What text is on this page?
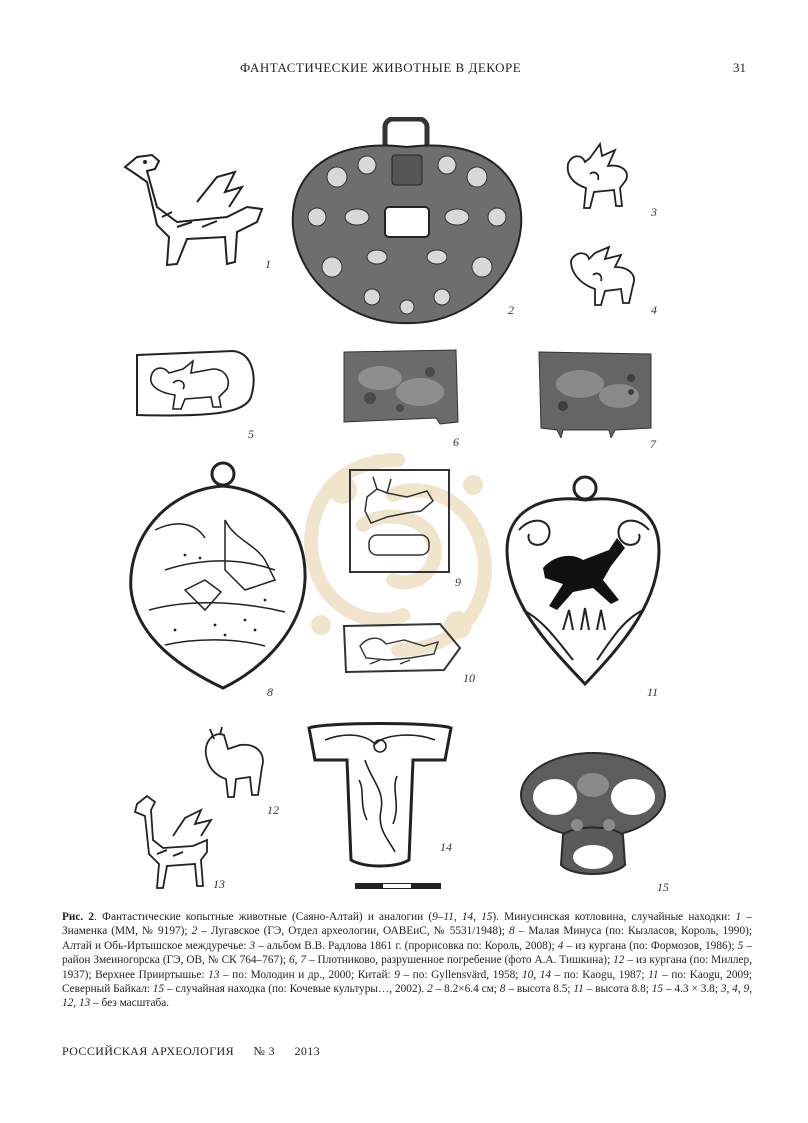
ФАНТАСТИЧЕСКИЕ ЖИВОТНЫЕ В ДЕКОРЕ	31
1
2
3
4
5
6	7
8
9
10
11
12
13
14
15
Рис. 2. Фантастические копытные животные (Саяно-Алтай) и аналогии (9–11, 14, 15). Минусинская котловина, случайные находки: 1 – Знаменка (ММ, № 9197); 2 – Лугавское (ГЭ, Отдел археологии, ОАВЕиС, № 5531/1948); 8 – Малая Минуса (по: Кызласов, Король, 1990); Алтай и Обь-Иртышское междуречье: 3 – альбом В.В. Радлова 1861 г. (прорисовка по: Король, 2008); 4 – из кургана (по: Формозов, 1986); 5 – район Змеиногорска (ГЭ, ОВ, № СК 764–767); 6, 7 – Плотниково, разрушенное погребение (фото А.А. Тишкина); 12 – из кургана (по: Миллер, 1937); Верхнее Прииртышье: 13 – по: Молодин и др., 2000; Китай: 9 – по: Gyllensvärd, 1958; 10, 14 – по: Kaogu, 1987; 11 – по: Kaogu, 2009; Северный Байкал: 15 – случайная находка (по: Кочевые культуры…, 2002). 2 – 8.2×6.4 см; 8 – высота 8.5; 11 – высота 8.8; 15 – 4.3 × 3.8; 3, 4, 9, 12, 13 – без масштаба.
РОССИЙСКАЯ АРХЕОЛОГИЯ № 3 2013
